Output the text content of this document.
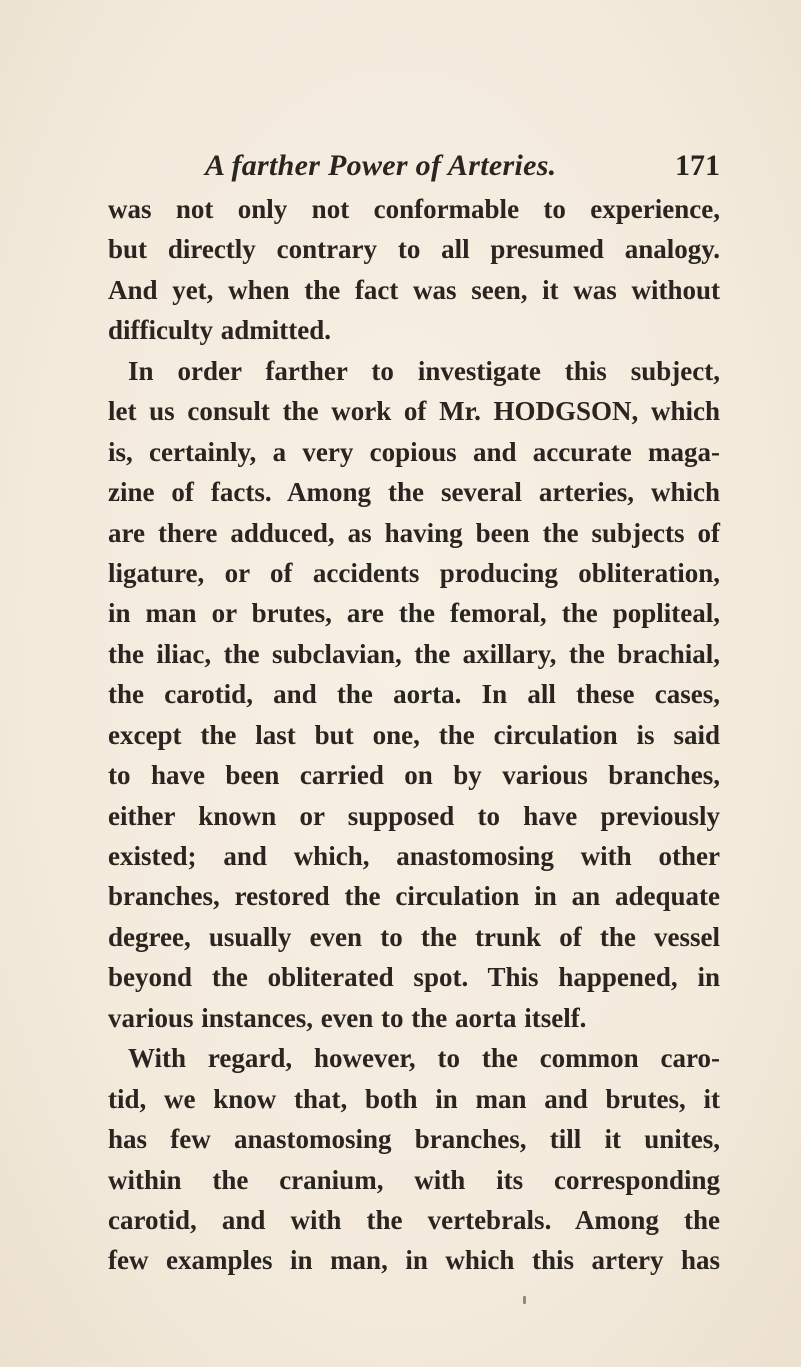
A farther Power of Arteries.	171
was not only not conformable to experience,
but directly contrary to all presumed analogy.
And yet, when the fact was seen, it was without
difficulty admitted.
In order farther to investigate this subject,
let us consult the work of Mr. HODGSON, which
is, certainly, a very copious and accurate maga-
zine of facts. Among the several arteries, which
are there adduced, as having been the subjects of
ligature, or of accidents producing obliteration,
in man or brutes, are the femoral, the popliteal,
the iliac, the subclavian, the axillary, the brachial,
the carotid, and the aorta. In all these cases,
except the last but one, the circulation is said
to have been carried on by various branches,
either known or supposed to have previously
existed; and which, anastomosing with other
branches, restored the circulation in an adequate
degree, usually even to the trunk of the vessel
beyond the obliterated spot. This happened, in
various instances, even to the aorta itself.
With regard, however, to the common caro-
tid, we know that, both in man and brutes, it
has few anastomosing branches, till it unites,
within the cranium, with its corresponding
carotid, and with the vertebrals. Among the
few examples in man, in which this artery has
